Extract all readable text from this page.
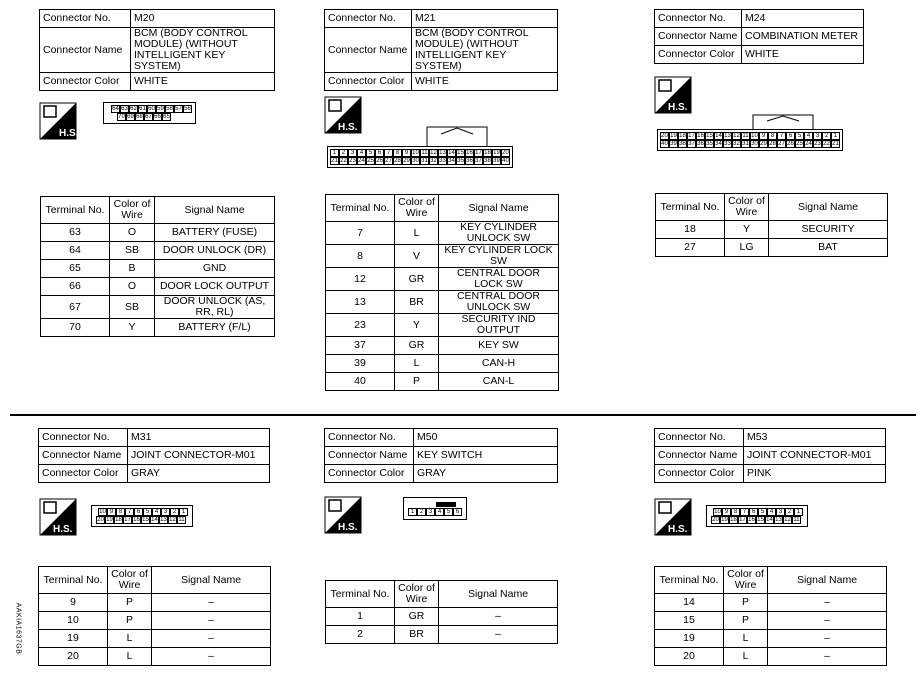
Connector No.	M20
Connector Name	BCM (BODY CONTROL MODULE) (WITHOUT INTELLIGENT KEY SYSTEM)
Connector Color	WHITE
H.S.
64 63 62 61 60 59 58 57 56
70 69 68 67 66 65
Terminal No.	Color of Wire	Signal Name
63	O	BATTERY (FUSE)
64	SB	DOOR UNLOCK (DR)
65	B	GND
66	O	DOOR LOCK OUTPUT
67	SB	DOOR UNLOCK (AS, RR, RL)
70	Y	BATTERY (F/L)
Connector No.	M21
Connector Name	BCM (BODY CONTROL MODULE) (WITHOUT INTELLIGENT KEY SYSTEM)
Connector Color	WHITE
H.S.
1 2 3 4 5 6 7 8 9 10 11 12 13 14 15 16 17 18 19 20
21 22 23 24 25 26 27 28 29 30 31 32 33 34 35 36 37 38 39 40
Terminal No.	Color of Wire	Signal Name
7	L	KEY CYLINDER UNLOCK SW
8	V	KEY CYLINDER LOCK SW
12	GR	CENTRAL DOOR LOCK SW
13	BR	CENTRAL DOOR UNLOCK SW
23	Y	SECURITY IND OUTPUT
37	GR	KEY SW
39	L	CAN-H
40	P	CAN-L
Connector No.	M24
Connector Name	COMBINATION METER
Connector Color	WHITE
H.S.
20 19 18 17 16 15 14 13 12 11 10 9 8 7 6 5 4 3 2 1
40 39 38 37 36 35 34 33 32 31 30 29 28 27 26 25 24 23 22 21
Terminal No.	Color of Wire	Signal Name
18	Y	SECURITY
27	LG	BAT
Connector No.	M31
Connector Name	JOINT CONNECTOR-M01
Connector Color	GRAY
H.S.
10 9 8 7 6 5 4 3 2 1
20 19 18 17 16 15 14 13 12 11
Terminal No.	Color of Wire	Signal Name
9	P	–
10	P	–
19	L	–
20	L	–
Connector No.	M50
Connector Name	KEY SWITCH
Connector Color	GRAY
H.S.
1 2 3 4 5 6
Terminal No.	Color of Wire	Signal Name
1	GR	–
2	BR	–
Connector No.	M53
Connector Name	JOINT CONNECTOR-M01
Connector Color	PINK
H.S.
10 9 8 7 6 5 4 3 2 1
20 19 18 17 16 15 14 13 12 11
Terminal No.	Color of Wire	Signal Name
14	P	–
15	P	–
19	L	–
20	L	–
AAKIA1637GB
